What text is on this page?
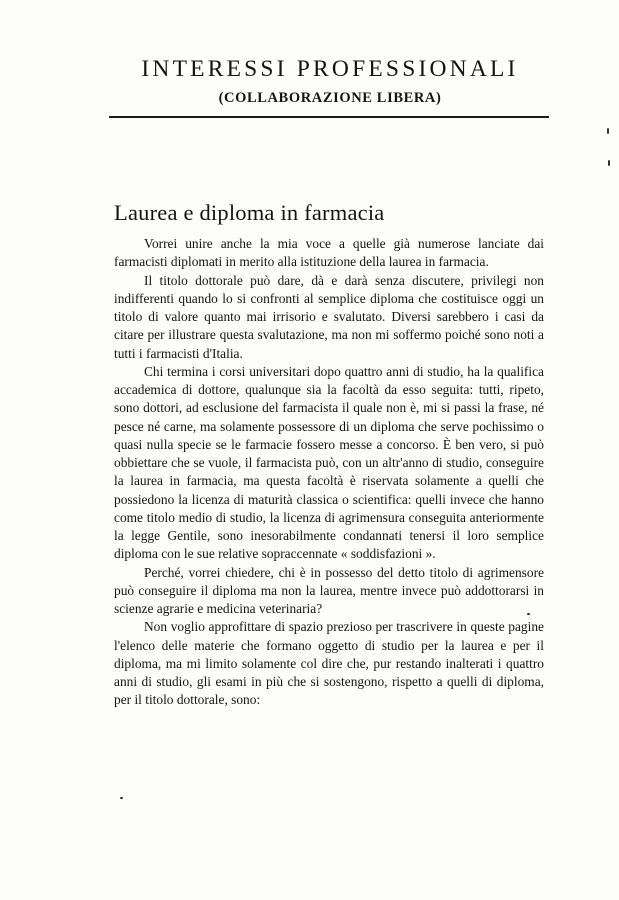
INTERESSI PROFESSIONALI
(COLLABORAZIONE LIBERA)
Laurea e diploma in farmacia

Vorrei unire anche la mia voce a quelle già numerose lanciate dai farmacisti diplomati in merito alla istituzione della laurea in farmacia.

Il titolo dottorale può dare, dà e darà senza discutere, privilegi non indifferenti quando lo si confronti al semplice diploma che costituisce oggi un titolo di valore quanto mai irrisorio e svalutato. Diversi sarebbero i casi da citare per illustrare questa svalutazione, ma non mi soffermo poiché sono noti a tutti i farmacisti d'Italia.

Chi termina i corsi universitari dopo quattro anni di studio, ha la qualifica accademica di dottore, qualunque sia la facoltà da esso seguita: tutti, ripeto, sono dottori, ad esclusione del farmacista il quale non è, mi si passi la frase, né pesce né carne, ma solamente possessore di un diploma che serve pochissimo o quasi nulla specie se le farmacie fossero messe a concorso. È ben vero, si può obbiettare che se vuole, il farmacista può, con un altr'anno di studio, conseguire la laurea in farmacia, ma questa facoltà è riservata solamente a quelli che possiedono la licenza di maturità classica o scientifica: quelli invece che hanno come titolo medio di studio, la licenza di agrimensura conseguita anteriormente la legge Gentile, sono inesorabilmente condannati tenersi il loro semplice diploma con le sue relative sopraccennate « soddisfazioni ».

Perché, vorrei chiedere, chi è in possesso del detto titolo di agrimensore può conseguire il diploma ma non la laurea, mentre invece può addottorarsi in scienze agrarie e medicina veterinaria?

Non voglio approfittare di spazio prezioso per trascrivere in queste pagine l'elenco delle materie che formano oggetto di studio per la laurea e per il diploma, ma mi limito solamente col dire che, pur restando inalterati i quattro anni di studio, gli esami in più che si sostengono, rispetto a quelli di diploma, per il titolo dottorale, sono:
